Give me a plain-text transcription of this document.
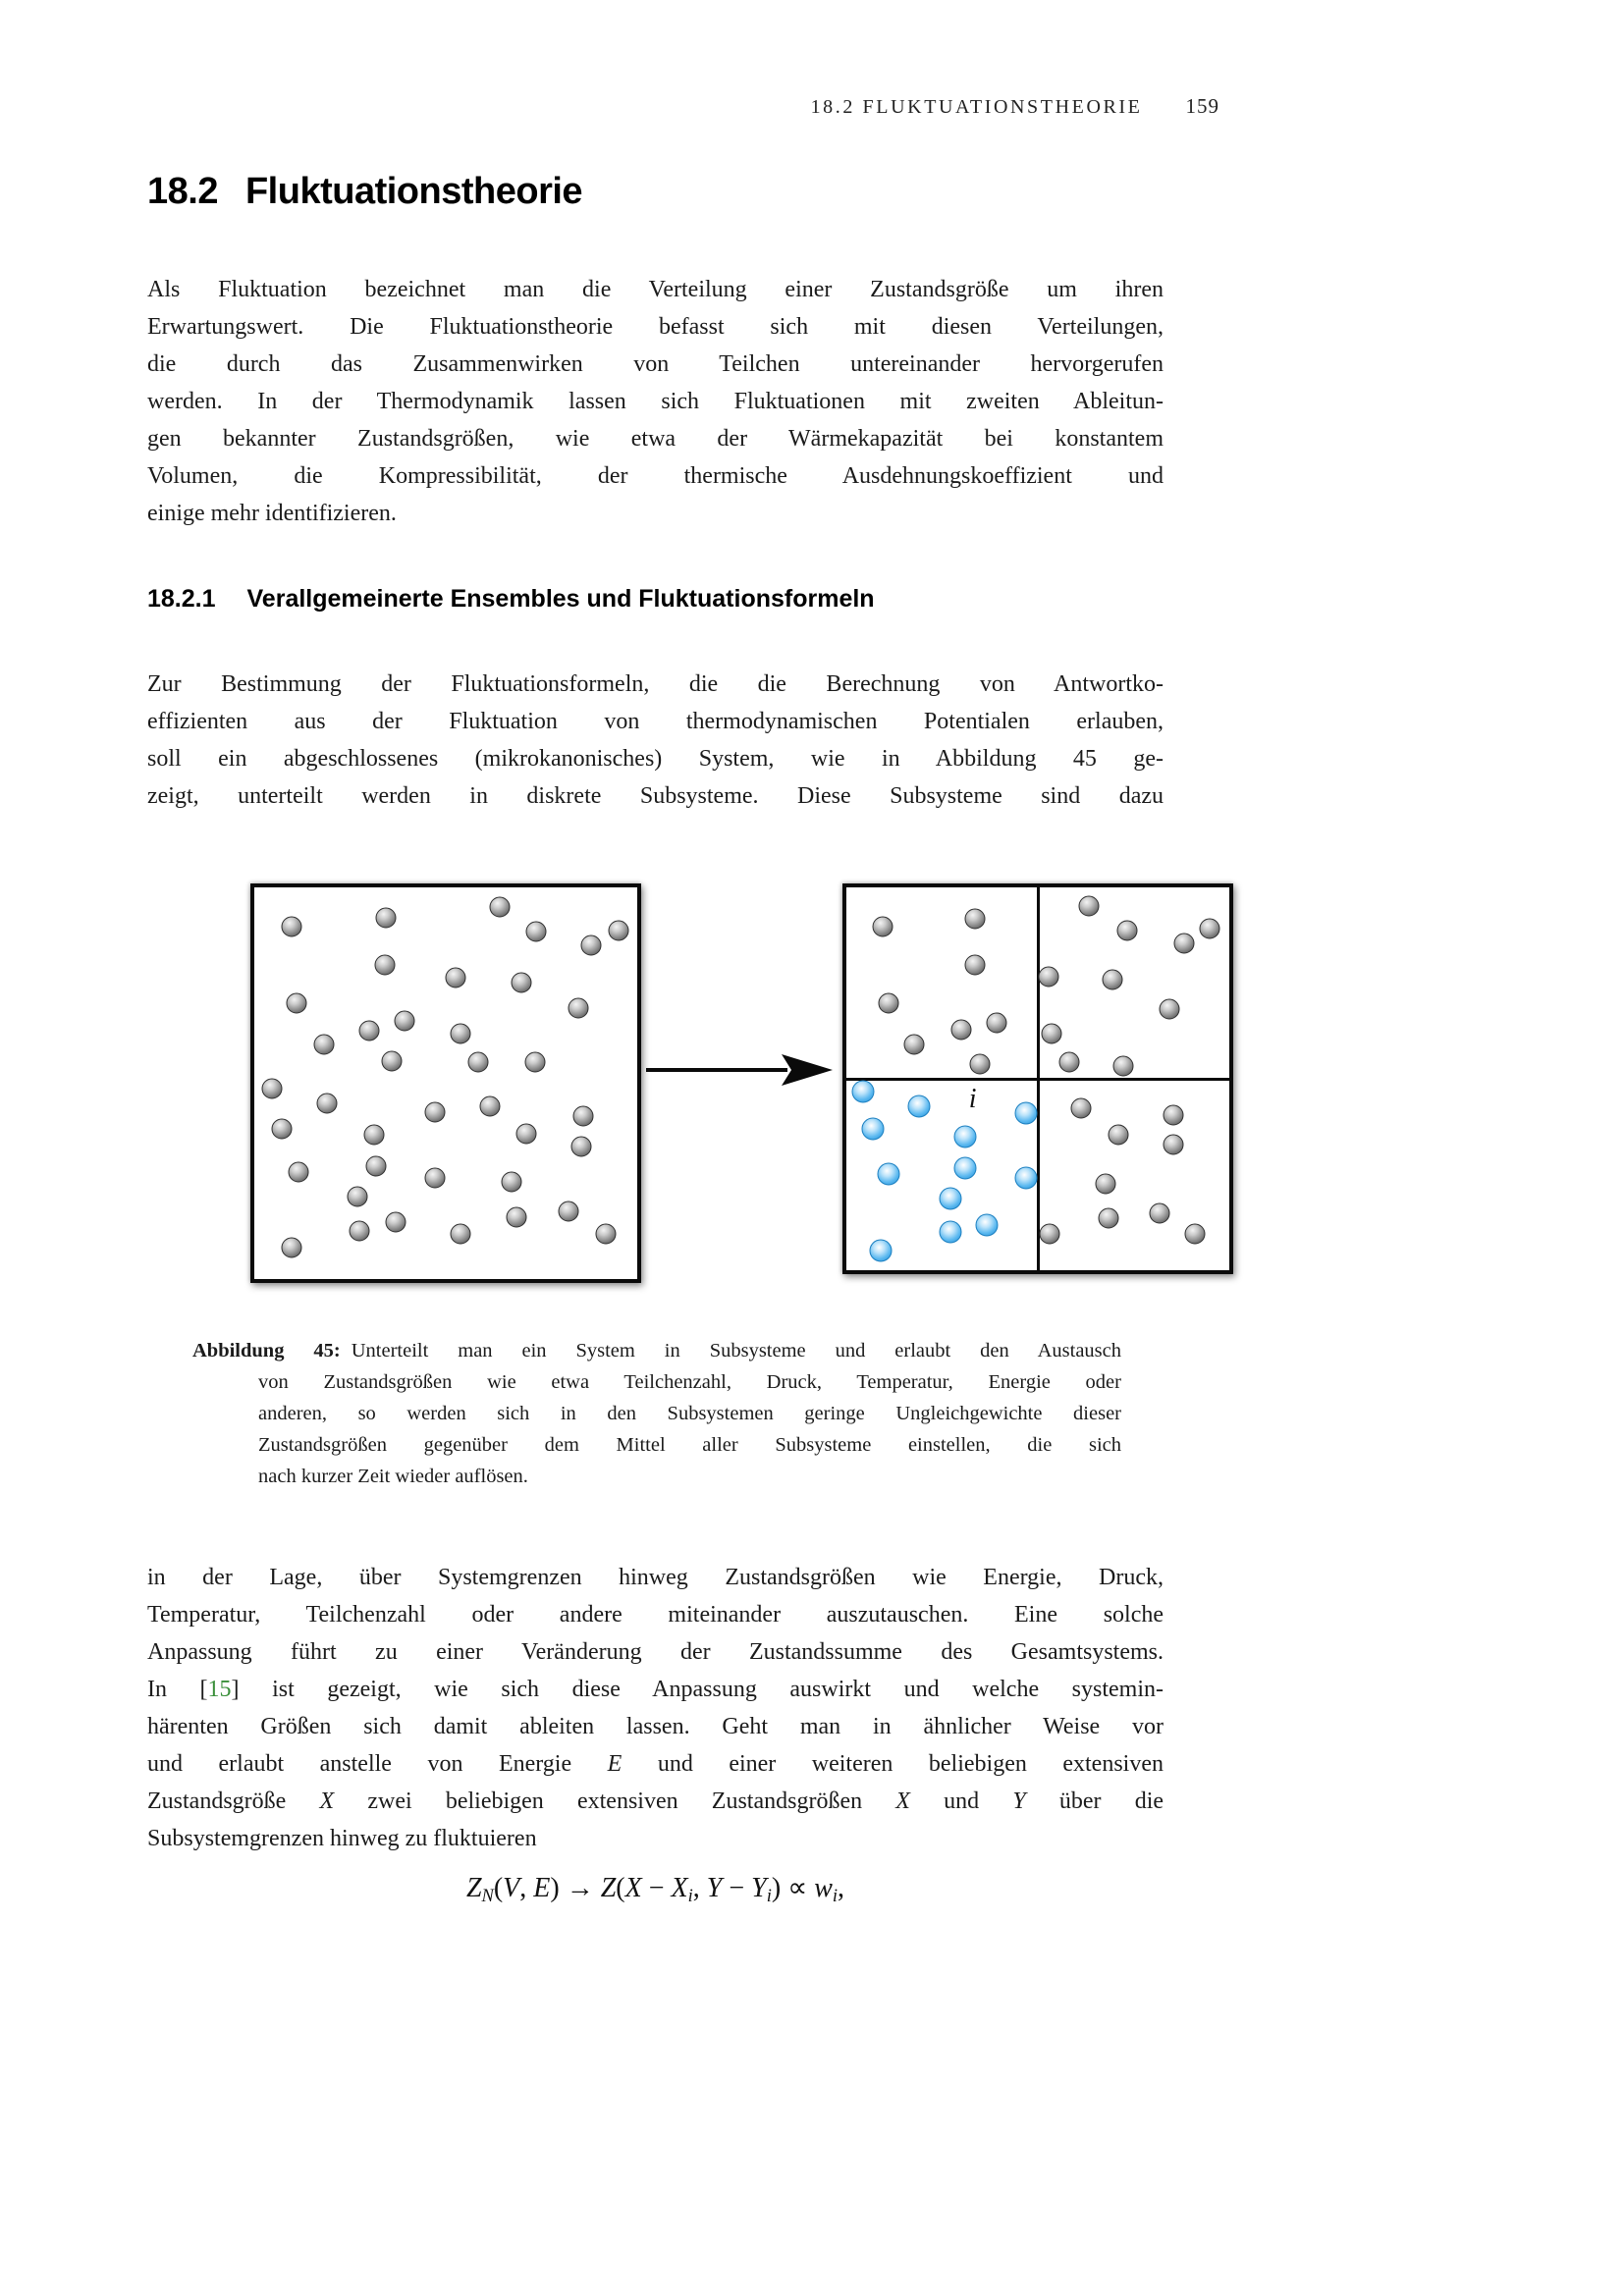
18.2 FLUKTUATIONSTHEORIE 159
18.2 Fluktuationstheorie
Als Fluktuation bezeichnet man die Verteilung einer Zustandsgröße um ihren
Erwartungswert. Die Fluktuationstheorie befasst sich mit diesen Verteilungen,
die durch das Zusammenwirken von Teilchen untereinander hervorgerufen
werden. In der Thermodynamik lassen sich Fluktuationen mit zweiten Ableitun-
gen bekannter Zustandsgrößen, wie etwa der Wärmekapazität bei konstantem
Volumen, die Kompressibilität, der thermische Ausdehnungskoeffizient und
einige mehr identifizieren.
18.2.1 Verallgemeinerte Ensembles und Fluktuationsformeln
Zur Bestimmung der Fluktuationsformeln, die die Berechnung von Antwortko-
effizienten aus der Fluktuation von thermodynamischen Potentialen erlauben,
soll ein abgeschlossenes (mikrokanonisches) System, wie in Abbildung 45 ge-
zeigt, unterteilt werden in diskrete Subsysteme. Diese Subsysteme sind dazu
i
Abbildung 45: Unterteilt man ein System in Subsysteme und erlaubt den Austausch
von Zustandsgrößen wie etwa Teilchenzahl, Druck, Temperatur, Energie oder
anderen, so werden sich in den Subsystemen geringe Ungleichgewichte dieser
Zustandsgrößen gegenüber dem Mittel aller Subsysteme einstellen, die sich
nach kurzer Zeit wieder auflösen.
in der Lage, über Systemgrenzen hinweg Zustandsgrößen wie Energie, Druck,
Temperatur, Teilchenzahl oder andere miteinander auszutauschen. Eine solche
Anpassung führt zu einer Veränderung der Zustandssumme des Gesamtsystems.
In [15] ist gezeigt, wie sich diese Anpassung auswirkt und welche systemin-
härenten Größen sich damit ableiten lassen. Geht man in ähnlicher Weise vor
und erlaubt anstelle von Energie E und einer weiteren beliebigen extensiven
Zustandsgröße X zwei beliebigen extensiven Zustandsgrößen X und Y über die
Subsystemgrenzen hinweg zu fluktuieren
ZN(V, E) → Z(X − Xi, Y − Yi) ∝ wi,
